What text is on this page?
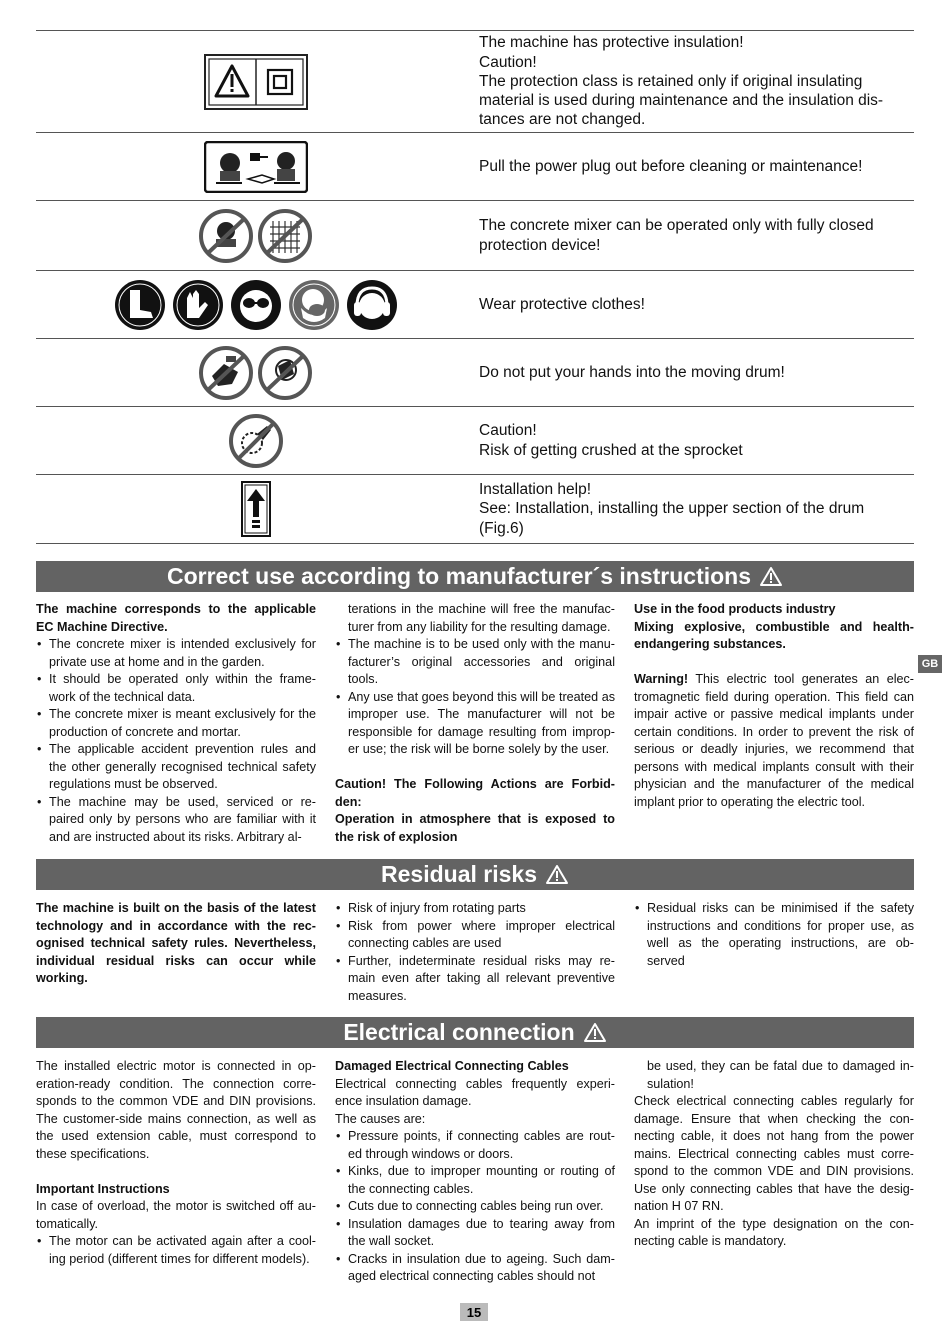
The machine has protective insulation!
Caution!
The protection class is retained only if original insulating
material is used during maintenance and the insulation dis-
tances are not changed.
Pull the power plug out before cleaning or maintenance!
The concrete mixer can be operated only with fully closed
protection device!
Wear protective clothes!
Do not put your hands into the moving drum!
Caution!
Risk of getting crushed at the sprocket
Installation help!
See: Installation, installing the upper section of the drum
(Fig.6)
Correct use according to manufacturer´s instructions

The machine corresponds to the applicable EC Machine Directive.

• The concrete mixer is intended exclusively for private use at home and in the garden.
• It should be operated only within the frame-work of the technical data.
• The concrete mixer is meant exclusively for the production of concrete and mortar.
• The applicable accident prevention rules and the other generally recognised technical safety regulations must be observed.
• The machine may be used, serviced or re-paired only by persons who are familiar with it and are instructed about its risks. Arbitrary al-

terations in the machine will free the manufac-turer from any liability for the resulting damage.

• The machine is to be used only with the manu-facturer’s original accessories and original tools.
• Any use that goes beyond this will be treated as improper use. The manufacturer will not be responsible for damage resulting from improp-er use; the risk will be borne solely by the user.

Caution! The Following Actions are Forbid-den:

Operation in atmosphere that is exposed to the risk of explosion

Use in the food products industry

Mixing explosive, combustible and health-endangering substances.

Warning! This electric tool generates an elec-tromagnetic field during operation. This field can impair active or passive medical implants under certain conditions. In order to prevent the risk of serious or deadly injuries, we recommend that persons with medical implants consult with their physician and the manufacturer of the medical implant prior to operating the electric tool.

GB
Residual risks

The machine is built on the basis of the latest technology and in accordance with the rec-ognised technical safety rules. Nevertheless, individual residual risks can occur while working.

• Risk of injury from rotating parts
• Risk from power where improper electrical connecting cables are used
• Further, indeterminate residual risks may re-main even after taking all relevant preventive measures.
• Residual risks can be minimised if the safety instructions and conditions for proper use, as well as the operating instructions, are ob-served
Electrical connection

The installed electric motor is connected in op-eration-ready condition. The connection corre-sponds to the common VDE and DIN provisions. The customer-side mains connection, as well as the used extension cable, must correspond to these specifications.

Important Instructions

In case of overload, the motor is switched off au-tomatically.

• The motor can be activated again after a cool-ing period (different times for different models).

Damaged Electrical Connecting Cables

Electrical connecting cables frequently experi-ence insulation damage.

The causes are:

• Pressure points, if connecting cables are rout-ed through windows or doors.
• Kinks, due to improper mounting or routing of the connecting cables.
• Cuts due to connecting cables being run over.
• Insulation damages due to tearing away from the wall socket.
• Cracks in insulation due to ageing. Such dam-aged electrical connecting cables should not

be used, they can be fatal due to damaged in-sulation!

Check electrical connecting cables regularly for damage. Ensure that when checking the con-necting cable, it does not hang from the power mains. Electrical connecting cables must corre-spond to the common VDE and DIN provisions. Use only connecting cables that have the desig-nation H 07 RN.

An imprint of the type designation on the con-necting cable is mandatory.

15
